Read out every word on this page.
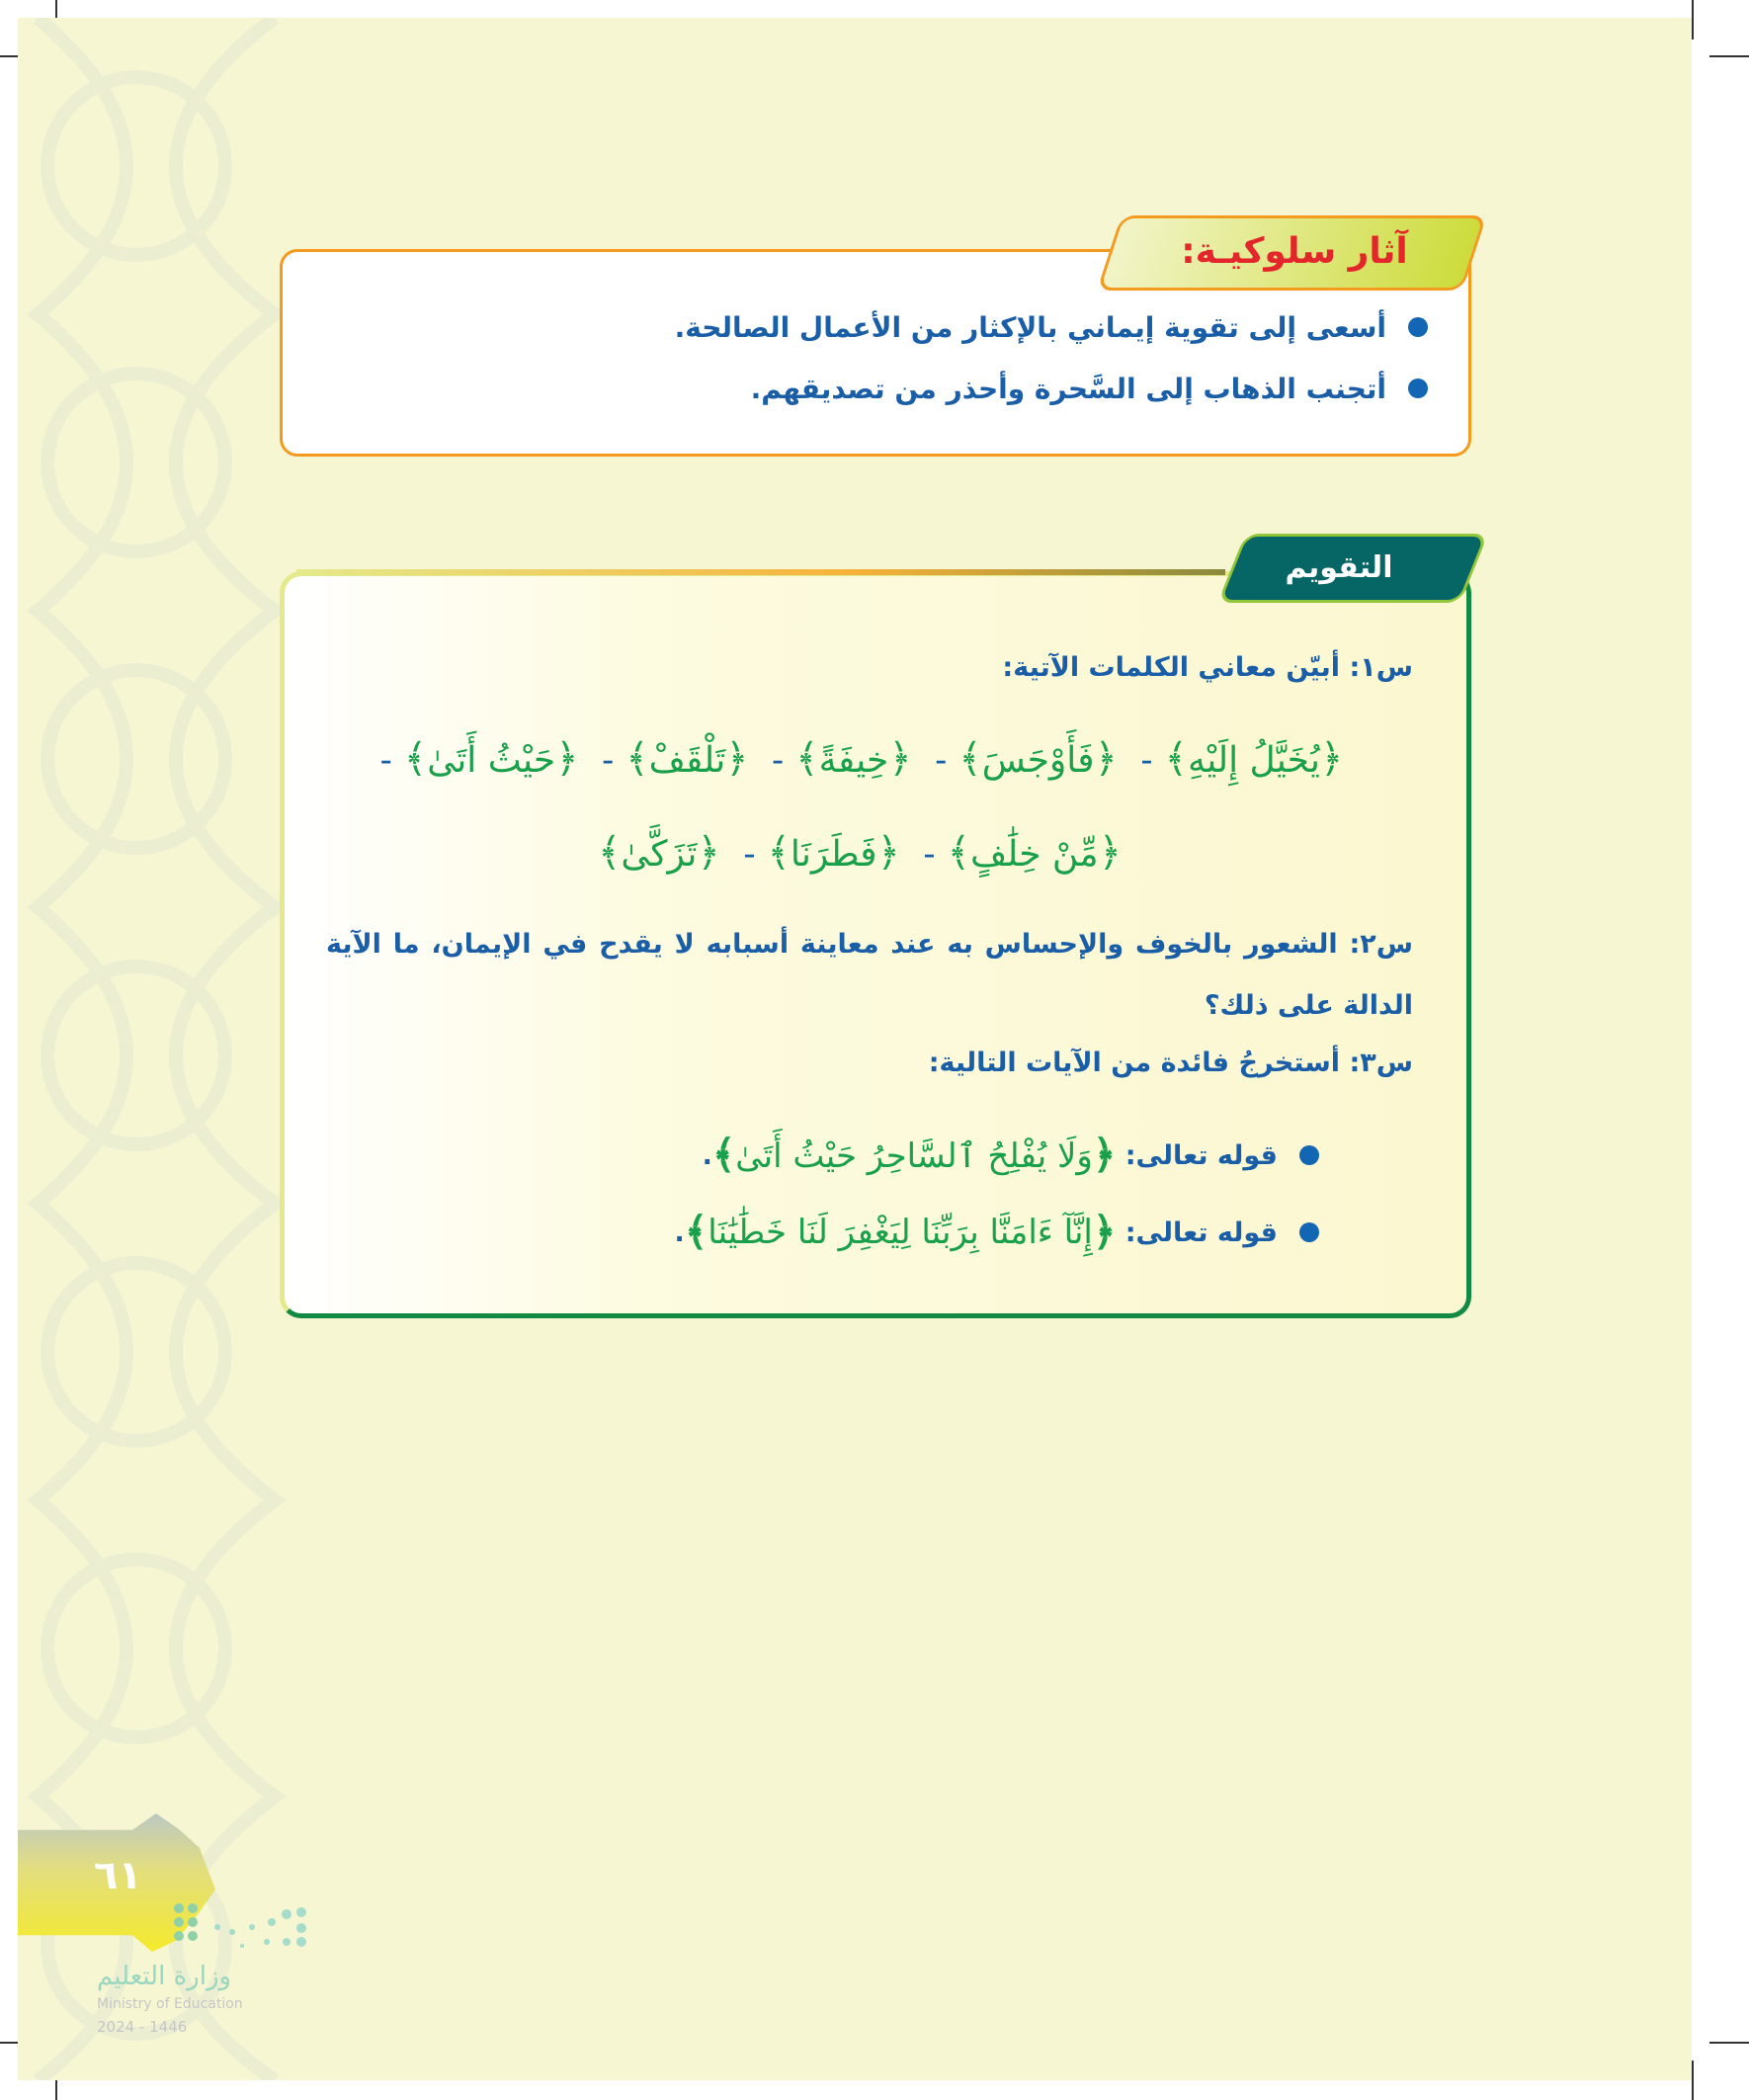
آثار سلوكيـة:
أسعى إلى تقوية إيماني بالإكثار من الأعمال الصالحة.
أتجنب الذهاب إلى السَّحرة وأحذر من تصديقهم.
التقويم
س١: أبيّن معاني الكلمات الآتية:
﴿يُخَيَّلُ إِلَيْهِ﴾- ﴿فَأَوْجَسَ﴾- ﴿خِيفَةً﴾- ﴿تَلْقَفْ﴾- ﴿حَيْثُ أَتَىٰ﴾-
﴿مِّنْ خِلَٰفٍ﴾- ﴿فَطَرَنَا﴾- ﴿تَزَكَّىٰ﴾
س٢: الشعور بالخوف والإحساس به عند معاينة أسبابه لا يقدح في الإيمان، ما الآية الدالة على ذلك؟
س٣: أستخرجُ فائدة من الآيات التالية:
قوله تعالى:

﴿
وَلَا يُفْلِحُ ٱلسَّاحِرُ حَيْثُ أَتَىٰ
﴾
.
قوله تعالى:

﴿
إِنَّآ ءَامَنَّا بِرَبِّنَا لِيَغْفِرَ لَنَا خَطَٰيَٰنَا
﴾
.
٦١
وزارة التعليم
Ministry of Education
2024 - 1446
